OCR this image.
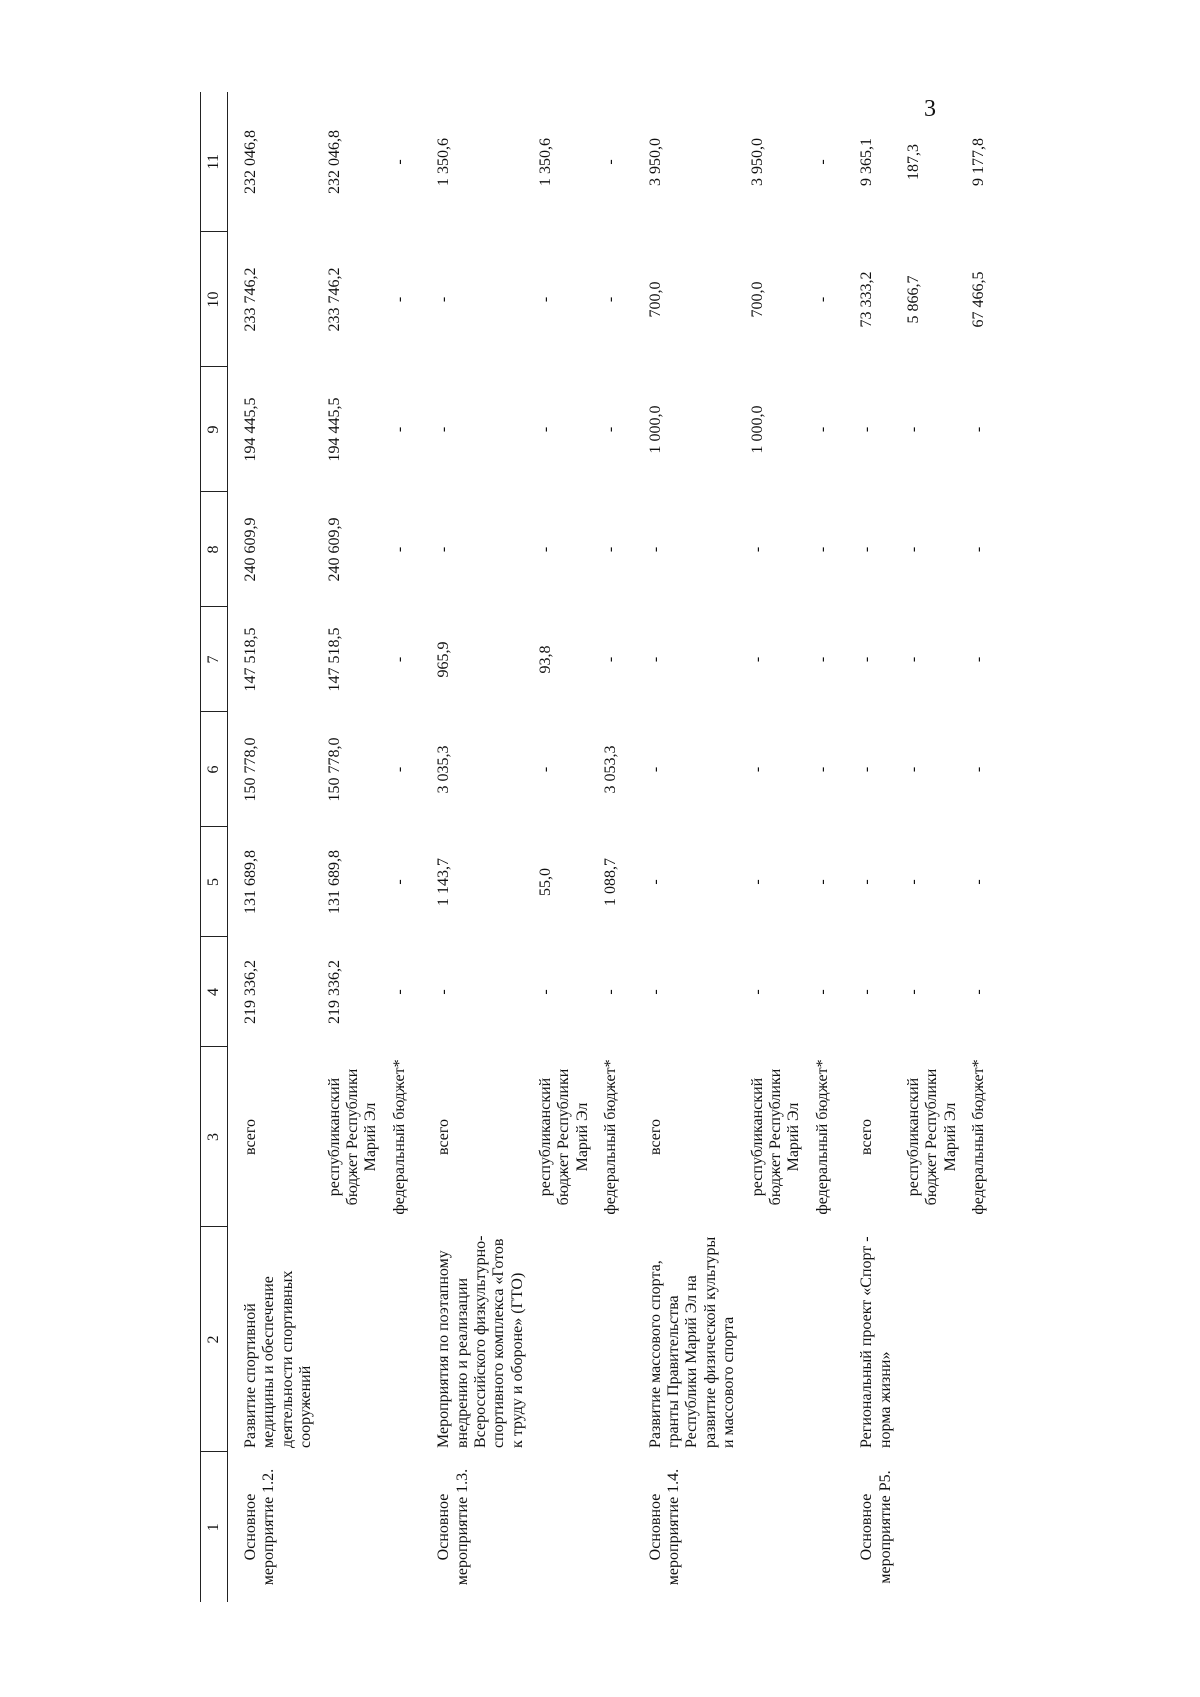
3
1	2	3	4	5	6	7	8	9	10	11
Основное мероприятие 1.2.	Развитие спортивной медицины и обеспечение деятельности спортивных сооружений	всего	219 336,2	131 689,8	150 778,0	147 518,5	240 609,9	194 445,5	233 746,2	232 046,8
		республиканский бюджет Республики Марий Эл	219 336,2	131 689,8	150 778,0	147 518,5	240 609,9	194 445,5	233 746,2	232 046,8
		федеральный бюджет*	-	-	-	-	-	-	-	-
Основное мероприятие 1.3.	Мероприятия по поэтапному внедрению и реализации Всероссийского физкультурно-спортивного комплекса «Готов к труду и обороне» (ГТО)	всего	-	1 143,7	3 035,3	965,9	-	-	-	1 350,6
		республиканский бюджет Республики Марий Эл	-	55,0	-	93,8	-	-	-	1 350,6
		федеральный бюджет*	-	1 088,7	3 053,3	-	-	-	-	-
Основное мероприятие 1.4.	Развитие массового спорта, гранты Правительства Республики Марий Эл на развитие физической культуры и массового спорта	всего	-	-	-	-	-	1 000,0	700,0	3 950,0
		республиканский бюджет Республики Марий Эл	-	-	-	-	-	1 000,0	700,0	3 950,0
		федеральный бюджет*	-	-	-	-	-	-	-	-
Основное мероприятие Р5.	Региональный проект «Спорт - норма жизни»	всего	-	-	-	-	-	-	73 333,2	9 365,1
		республиканский бюджет Республики Марий Эл	-	-	-	-	-	-	5 866,7	187,3
		федеральный бюджет*	-	-	-	-	-	-	67 466,5	9 177,8
